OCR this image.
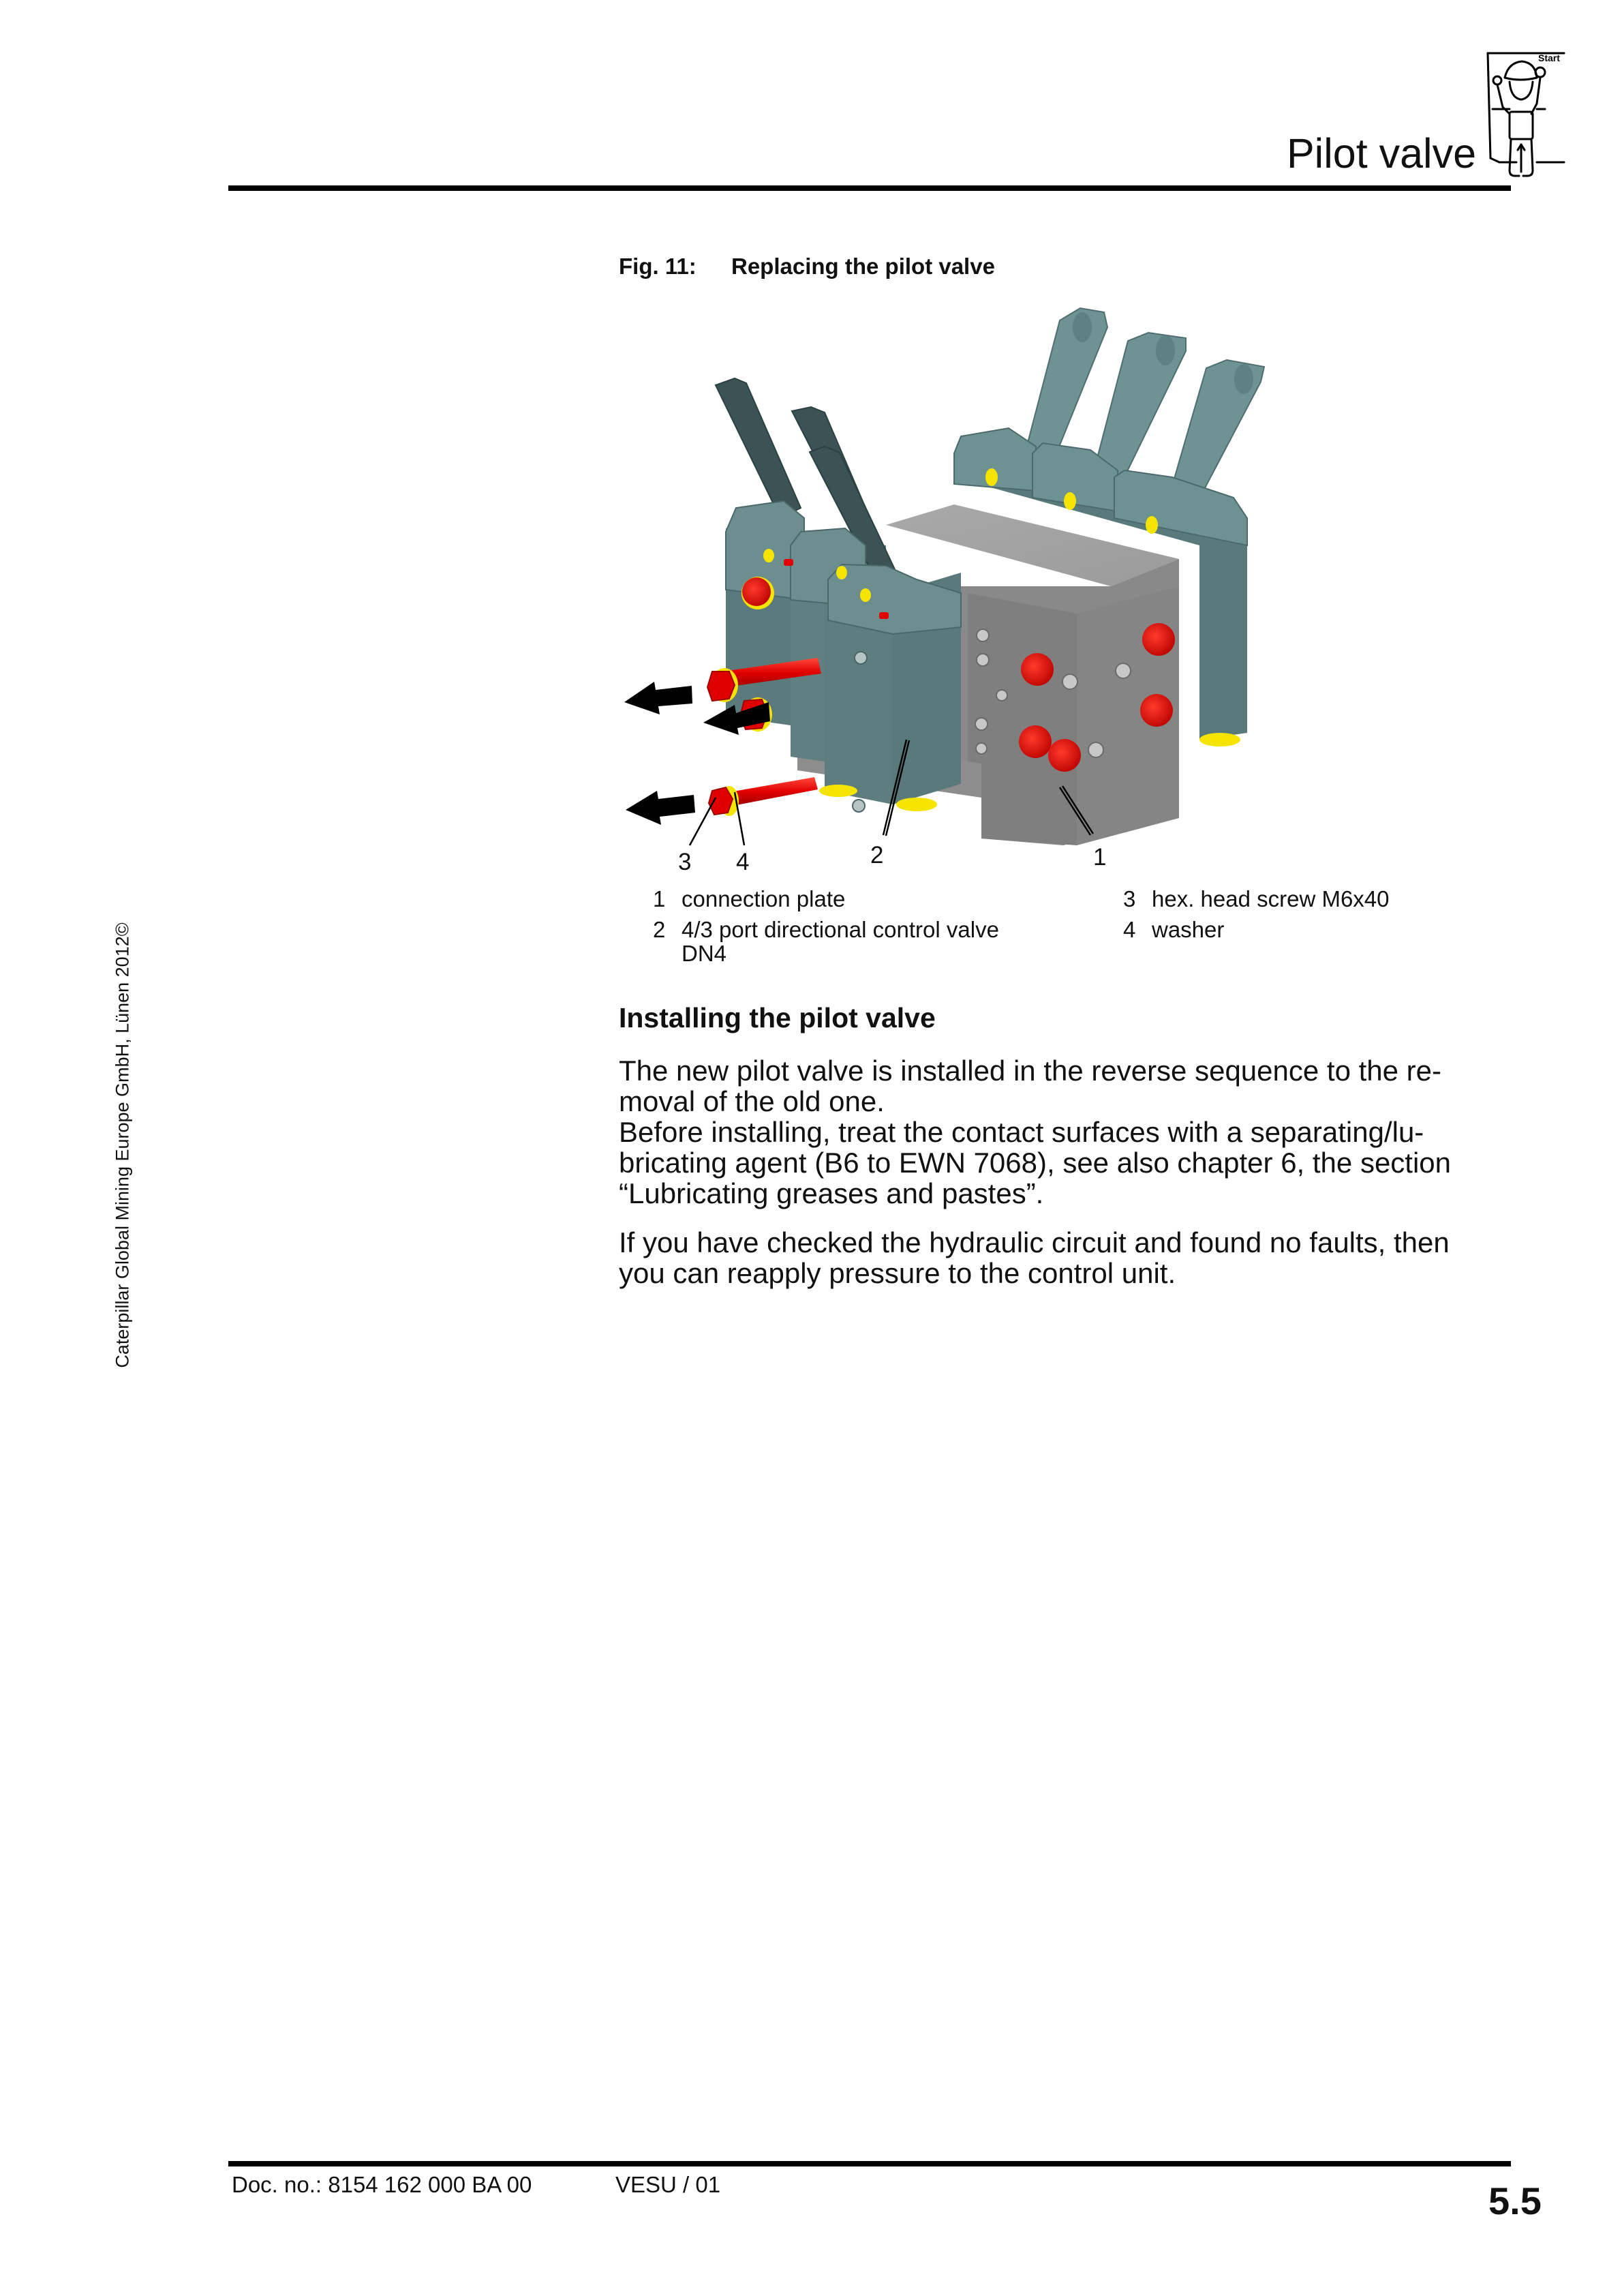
Pilot valve
Start
Fig. 11: Replacing the pilot valve
3 4	2	1
1 connection plate
2 4/3 port directional control valve
DN4
3 hex. head screw M6x40
4 washer
Installing the pilot valve
The new pilot valve is installed in the reverse sequence to the re-
moval of the old one.
Before installing, treat the contact surfaces with a separating/lu-
bricating agent (B6 to EWN 7068), see also chapter 6, the section
“Lubricating greases and pastes”.
If you have checked the hydraulic circuit and found no faults, then
you can reapply pressure to the control unit.
Caterpillar Global Mining Europe GmbH, Lünen 2012©
Doc. no.: 8154 162 000 BA 00	VESU / 01	5.5
